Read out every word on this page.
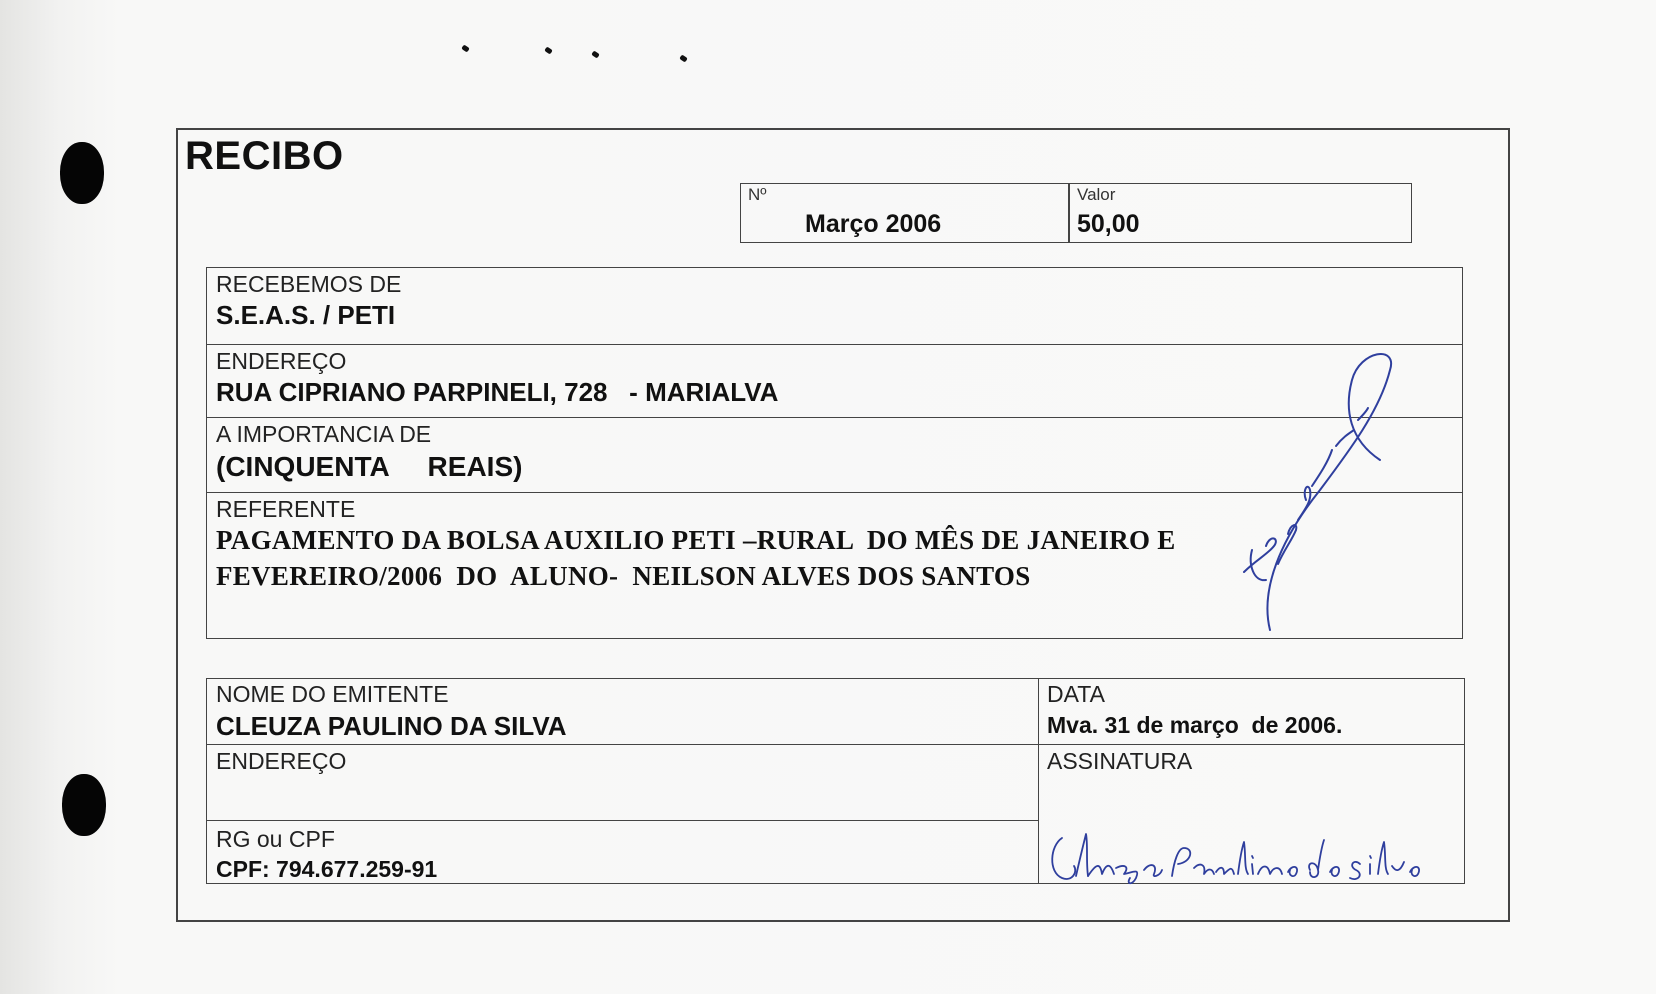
RECIBO
Nº
Março 2006
Valor
50,00
RECEBEMOS DE
S.E.A.S. / PETI
ENDEREÇO
RUA CIPRIANO PARPINELI, 728   - MARIALVA
A IMPORTANCIA DE
(CINQUENTA     REAIS)
REFERENTE
PAGAMENTO DA BOLSA AUXILIO PETI –RURAL  DO MÊS DE JANEIRO E
FEVEREIRO/2006  DO  ALUNO-  NEILSON ALVES DOS SANTOS
NOME DO EMITENTE
CLEUZA PAULINO DA SILVA
DATA
Mva. 31 de março  de 2006.
ENDEREÇO	ASSINATURA
RG ou CPF
CPF: 794.677.259-91
